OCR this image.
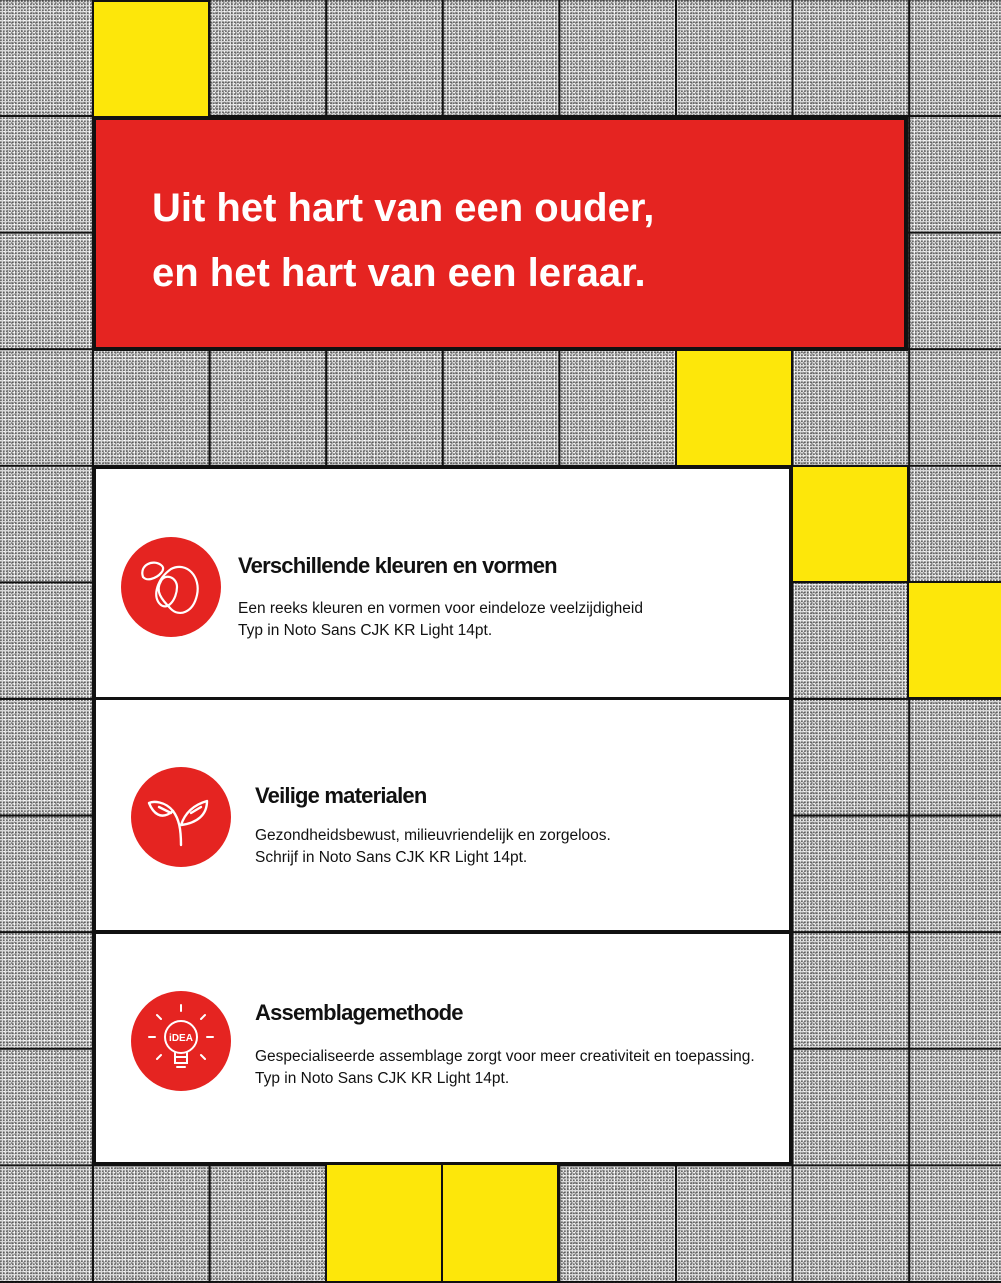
Uit het hart van een ouder,
en het hart van een leraar.
Verschillende kleuren en vormen
Een reeks kleuren en vormen voor eindeloze veelzijdigheid
Typ in Noto Sans CJK KR Light 14pt.
Veilige materialen
Gezondheidsbewust, milieuvriendelijk en zorgeloos.
Schrijf in Noto Sans CJK KR Light 14pt.
iDEA
Assemblagemethode
Gespecialiseerde assemblage zorgt voor meer creativiteit en toepassing.
Typ in Noto Sans CJK KR Light 14pt.
